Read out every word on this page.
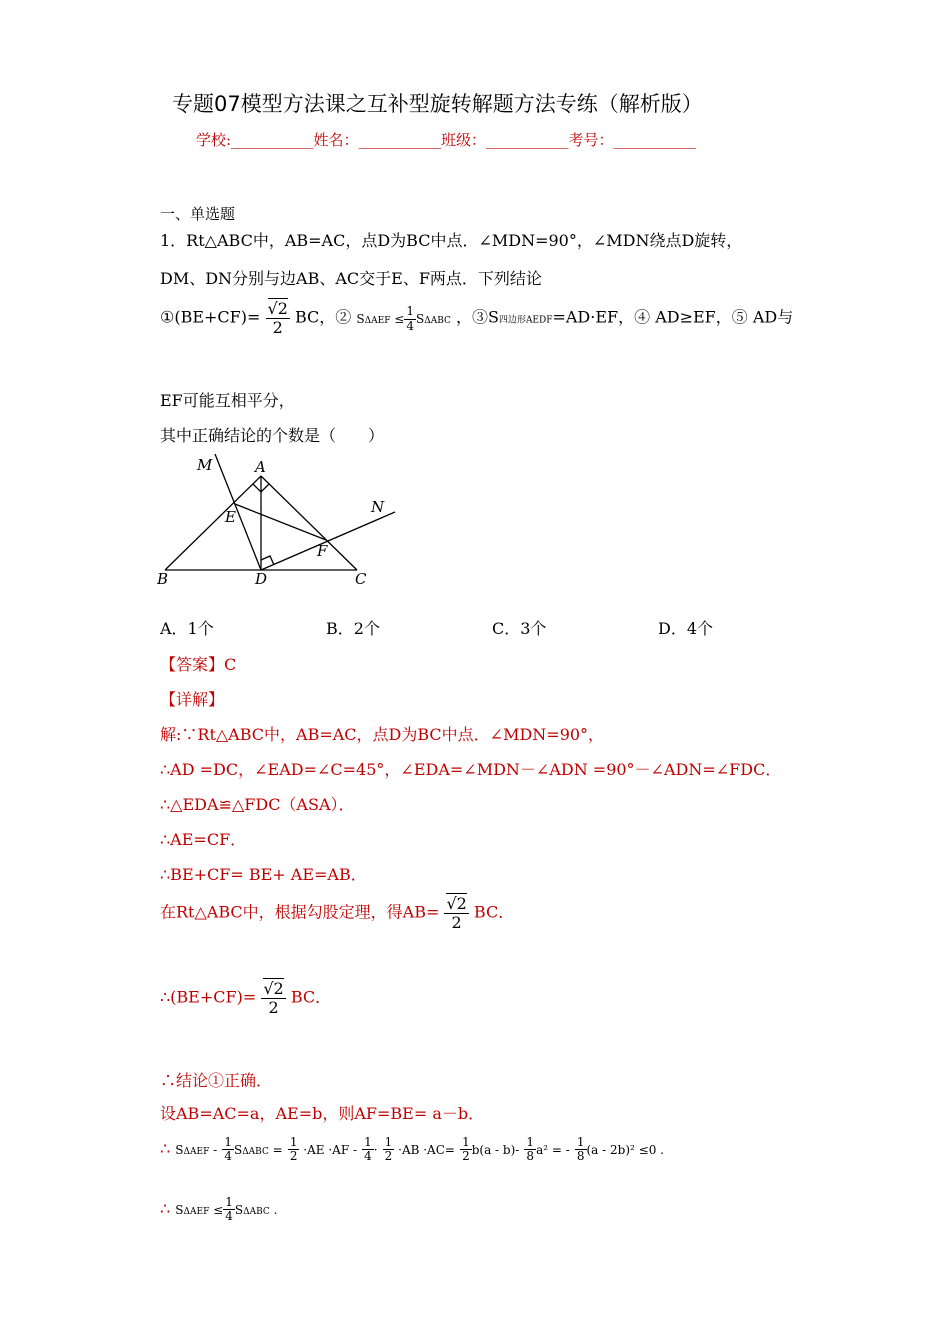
专题07模型方法课之互补型旋转解题方法专练（解析版）
学校:___________姓名：___________班级：___________考号：___________
一、单选题
1．Rt△ABC中，AB=AC，点D为BC中点．∠MDN=90°，∠MDN绕点D旋转，
DM、DN分别与边AB、AC交于E、F两点．下列结论
①(BE+CF)= $\frac{√2}{2}$ BC，② $S\Delta AEF \le \frac{1}{4}$ SΔABC ，③S四边形AEDF=AD·EF，④ AD≥EF，⑤ AD与
EF可能互相平分，
其中正确结论的个数是（　　）
M	A
N
E
F
B	D	C
A．1个	B．2个	C．3个	D．4个
【答案】C
【详解】
解:∵Rt△ABC中，AB=AC，点D为BC中点．∠MDN=90°，
∴AD =DC，∠EAD=∠C=45°，∠EDA=∠MDN－∠ADN =90°－∠ADN=∠FDC．
∴△EDA≌△FDC（ASA）．
∴AE=CF．
∴BE+CF= BE+ AE=AB．
在Rt△ABC中，根据勾股定理，得$AB= \frac{√2}{2}$ BC．
∴(BE+CF)= $\frac{√2}{2}$ BC．
∴结论①正确．
设AB=AC=a，AE=b，则AF=BE= a－b．
∴ SΔAEF - $\frac{1}{4}$ $S\Delta ABC = \frac{1}{2} \cdot AE \cdot AF - \frac{1}{4} \cdot \frac{1}{2} \cdot AB \cdot AC= \frac{1}{2} b(a - b)- \frac{1}{8} a^2$ = - $\frac{1}{8} (a - 2b)^2 \le 0$ .
∴ $S\Delta AEF \le \frac{1}{4}$ SΔABC .
